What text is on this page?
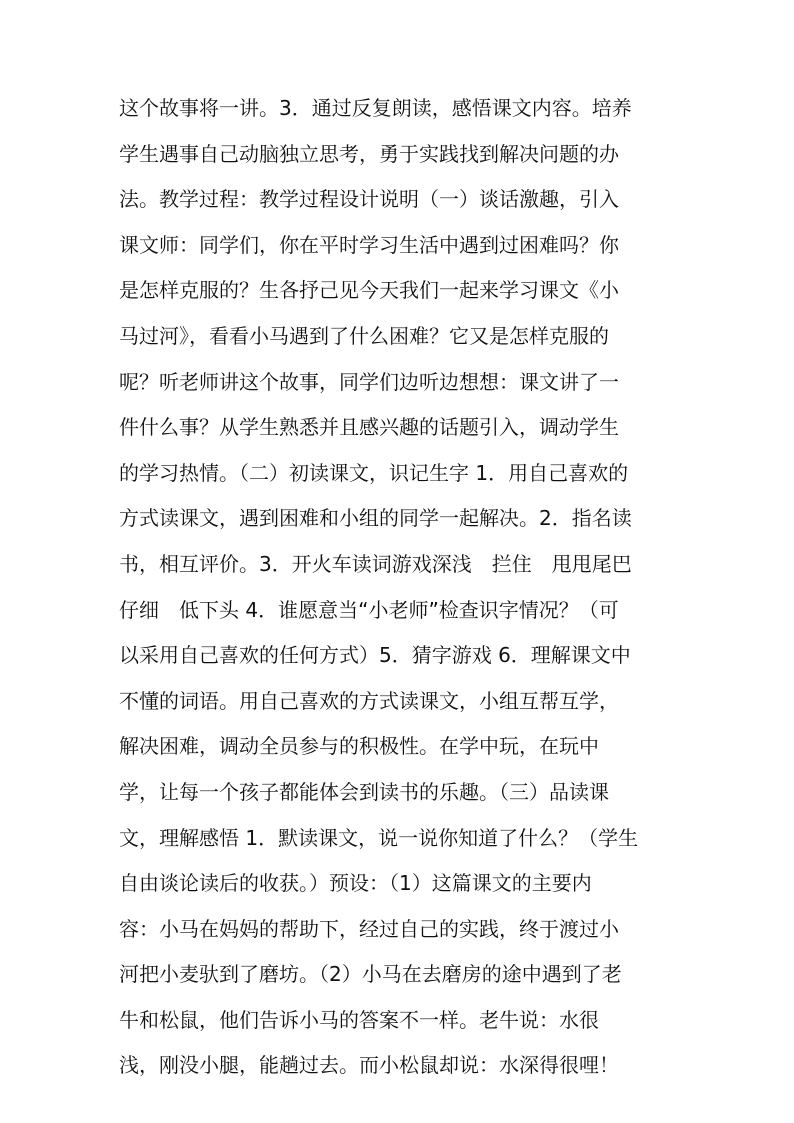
这个故事将一讲。3．通过反复朗读，感悟课文内容。培养
学生遇事自己动脑独立思考，勇于实践找到解决问题的办
法。教学过程：教学过程设计说明（一）谈话激趣，引入
课文师：同学们，你在平时学习生活中遇到过困难吗？你
是怎样克服的？生各抒己见今天我们一起来学习课文《小
马过河》，看看小马遇到了什么困难？它又是怎样克服的
呢？听老师讲这个故事，同学们边听边想想：课文讲了一
件什么事？从学生熟悉并且感兴趣的话题引入，调动学生
的学习热情。（二）初读课文，识记生字 1．用自己喜欢的
方式读课文，遇到困难和小组的同学一起解决。2．指名读
书，相互评价。3．开火车读词游戏深浅　拦住　甩甩尾巴
仔细　低下头 4．谁愿意当“小老师”检查识字情况？（可
以采用自己喜欢的任何方式）5．猜字游戏 6．理解课文中
不懂的词语。用自己喜欢的方式读课文，小组互帮互学，
解决困难，调动全员参与的积极性。在学中玩，在玩中
学，让每一个孩子都能体会到读书的乐趣。（三）品读课
文，理解感悟 1．默读课文，说一说你知道了什么？（学生
自由谈论读后的收获。）预设：（1）这篇课文的主要内
容：小马在妈妈的帮助下，经过自己的实践，终于渡过小
河把小麦驮到了磨坊。（2）小马在去磨房的途中遇到了老
牛和松鼠，他们告诉小马的答案不一样。老牛说：水很
浅，刚没小腿，能趟过去。而小松鼠却说：水深得很哩！
